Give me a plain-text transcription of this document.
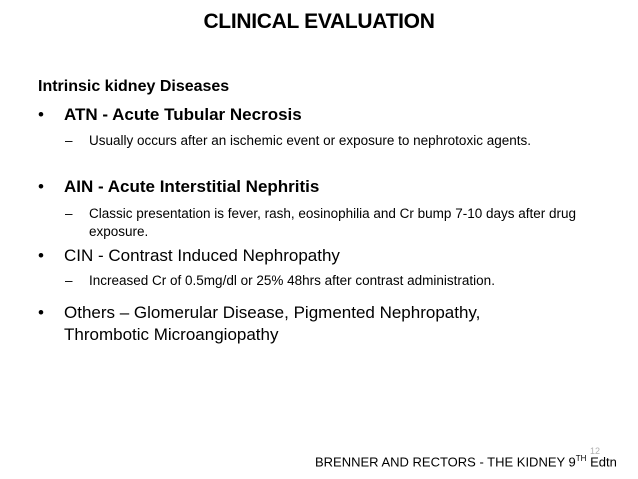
CLINICAL EVALUATION
Intrinsic kidney Diseases
• ATN - Acute Tubular Necrosis
– Usually occurs after an ischemic event or exposure to nephrotoxic agents.
• AIN - Acute Interstitial Nephritis
– Classic presentation is fever, rash, eosinophilia and Cr bump 7-10 days after drug exposure.
• CIN - Contrast Induced Nephropathy
– Increased Cr of 0.5mg/dl or 25% 48hrs after contrast administration.
• Others – Glomerular Disease, Pigmented Nephropathy, Thrombotic Microangiopathy
12
BRENNER AND RECTORS - THE KIDNEY 9TH Edtn
